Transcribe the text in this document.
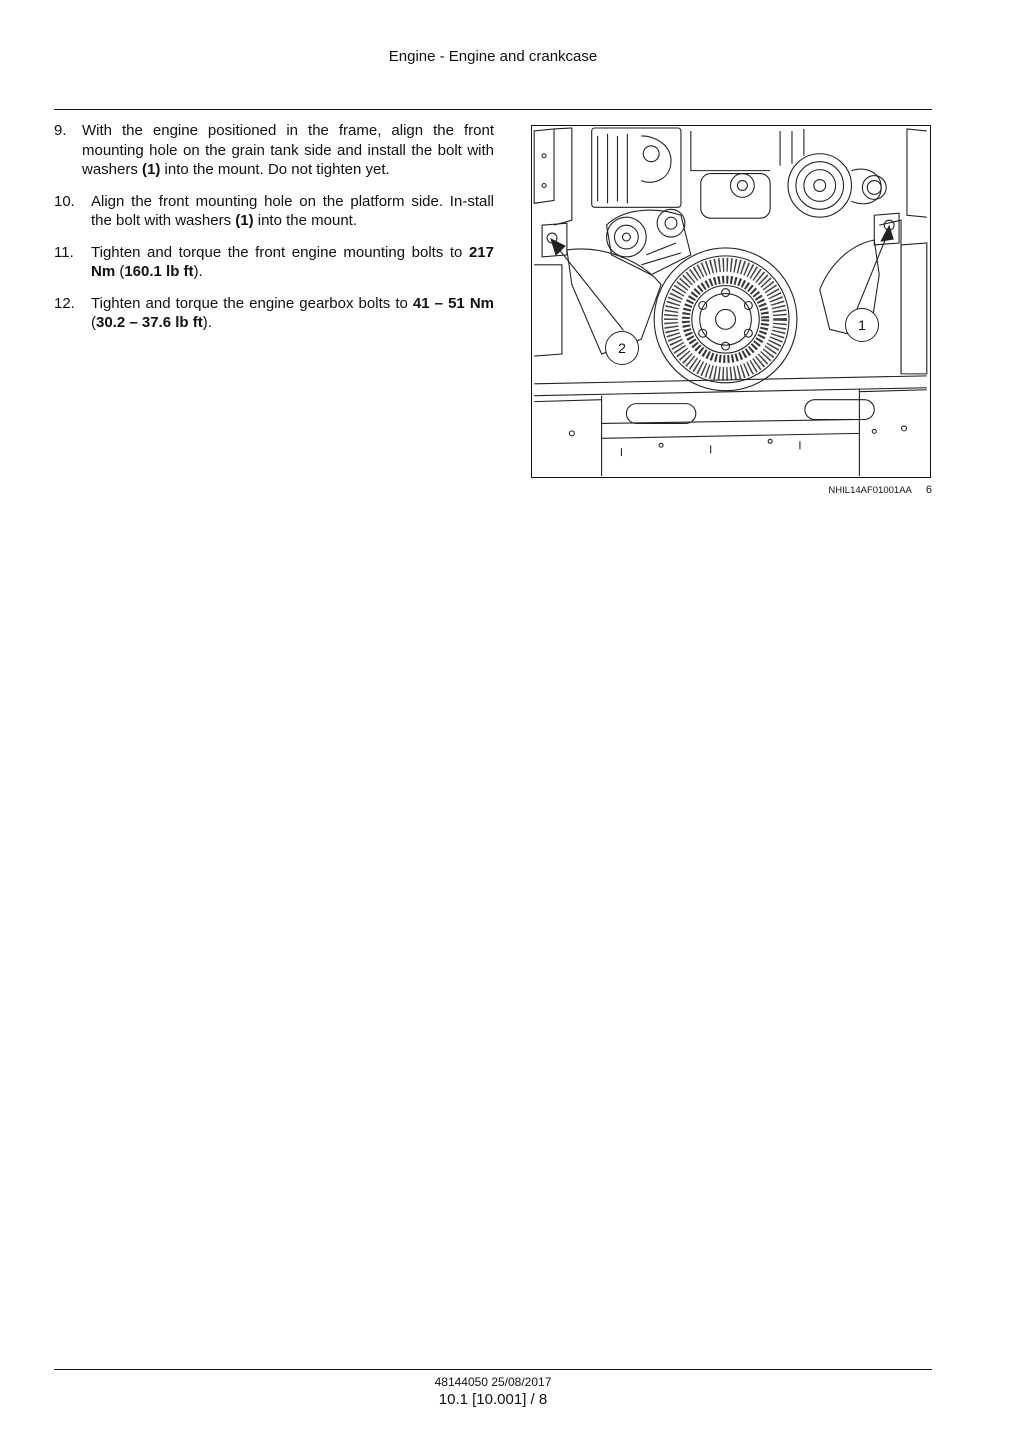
Engine - Engine and crankcase
9. With the engine positioned in the frame, align the front mounting hole on the grain tank side and install the bolt with washers (1) into the mount. Do not tighten yet.
10. Align the front mounting hole on the platform side. In-stall the bolt with washers (1) into the mount.
11. Tighten and torque the front engine mounting bolts to 217 Nm (160.1 lb ft).
12. Tighten and torque the engine gearbox bolts to 41 – 51 Nm (30.2 – 37.6 lb ft).	1
2
NHIL14AF01001AA 6
48144050 25/08/2017
10.1 [10.001] / 8
